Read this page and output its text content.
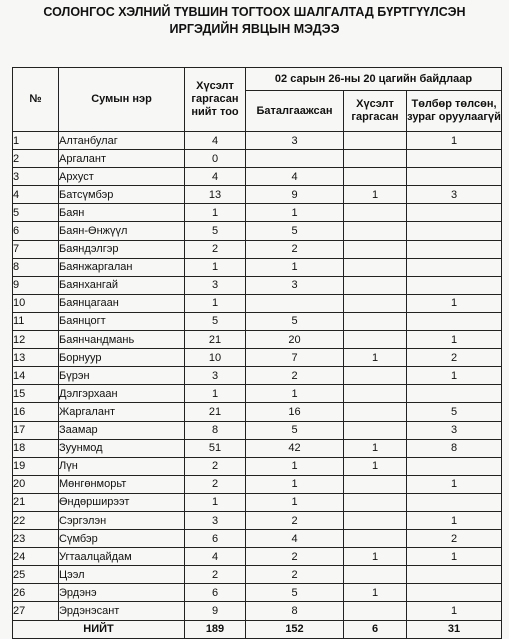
СОЛОНГОС ХЭЛНИЙ ТҮВШИН ТОГТООХ ШАЛГАЛТАД БҮРТГҮҮЛСЭН
ИРГЭДИЙН ЯВЦЫН МЭДЭЭ
№	Сумын нэр	Хүсэлт гаргасан нийт тоо	02 сарын 26-ны 20 цагийн байдлаар		
			Баталгаажсан	Хүсэлт гаргасан	Төлбөр төлсөн, зураг оруулаагүй
1	Алтанбулаг	4	3		1
2	Аргалант	0			
3	Архуст	4	4		
4	Батсүмбэр	13	9	1	3
5	Баян	1	1		
6	Баян-Өнжүүл	5	5		
7	Баяндэлгэр	2	2		
8	Баянжаргалан	1	1		
9	Баянхангай	3	3		
10	Баянцагаан	1			1
11	Баянцогт	5	5		
12	Баянчандмань	21	20		1
13	Борнуур	10	7	1	2
14	Бүрэн	3	2		1
15	Дэлгэрхаан	1	1		
16	Жаргалант	21	16		5
17	Заамар	8	5		3
18	Зуунмод	51	42	1	8
19	Лүн	2	1	1	
20	Мөнгөнморьт	2	1		1
21	Өндөрширээт	1	1		
22	Сэргэлэн	3	2		1
23	Сүмбэр	6	4		2
24	Угтаалцайдам	4	2	1	1
25	Цээл	2	2		
26	Эрдэнэ	6	5	1	
27	Эрдэнэсант	9	8		1
НИЙТ		189	152	6	31
